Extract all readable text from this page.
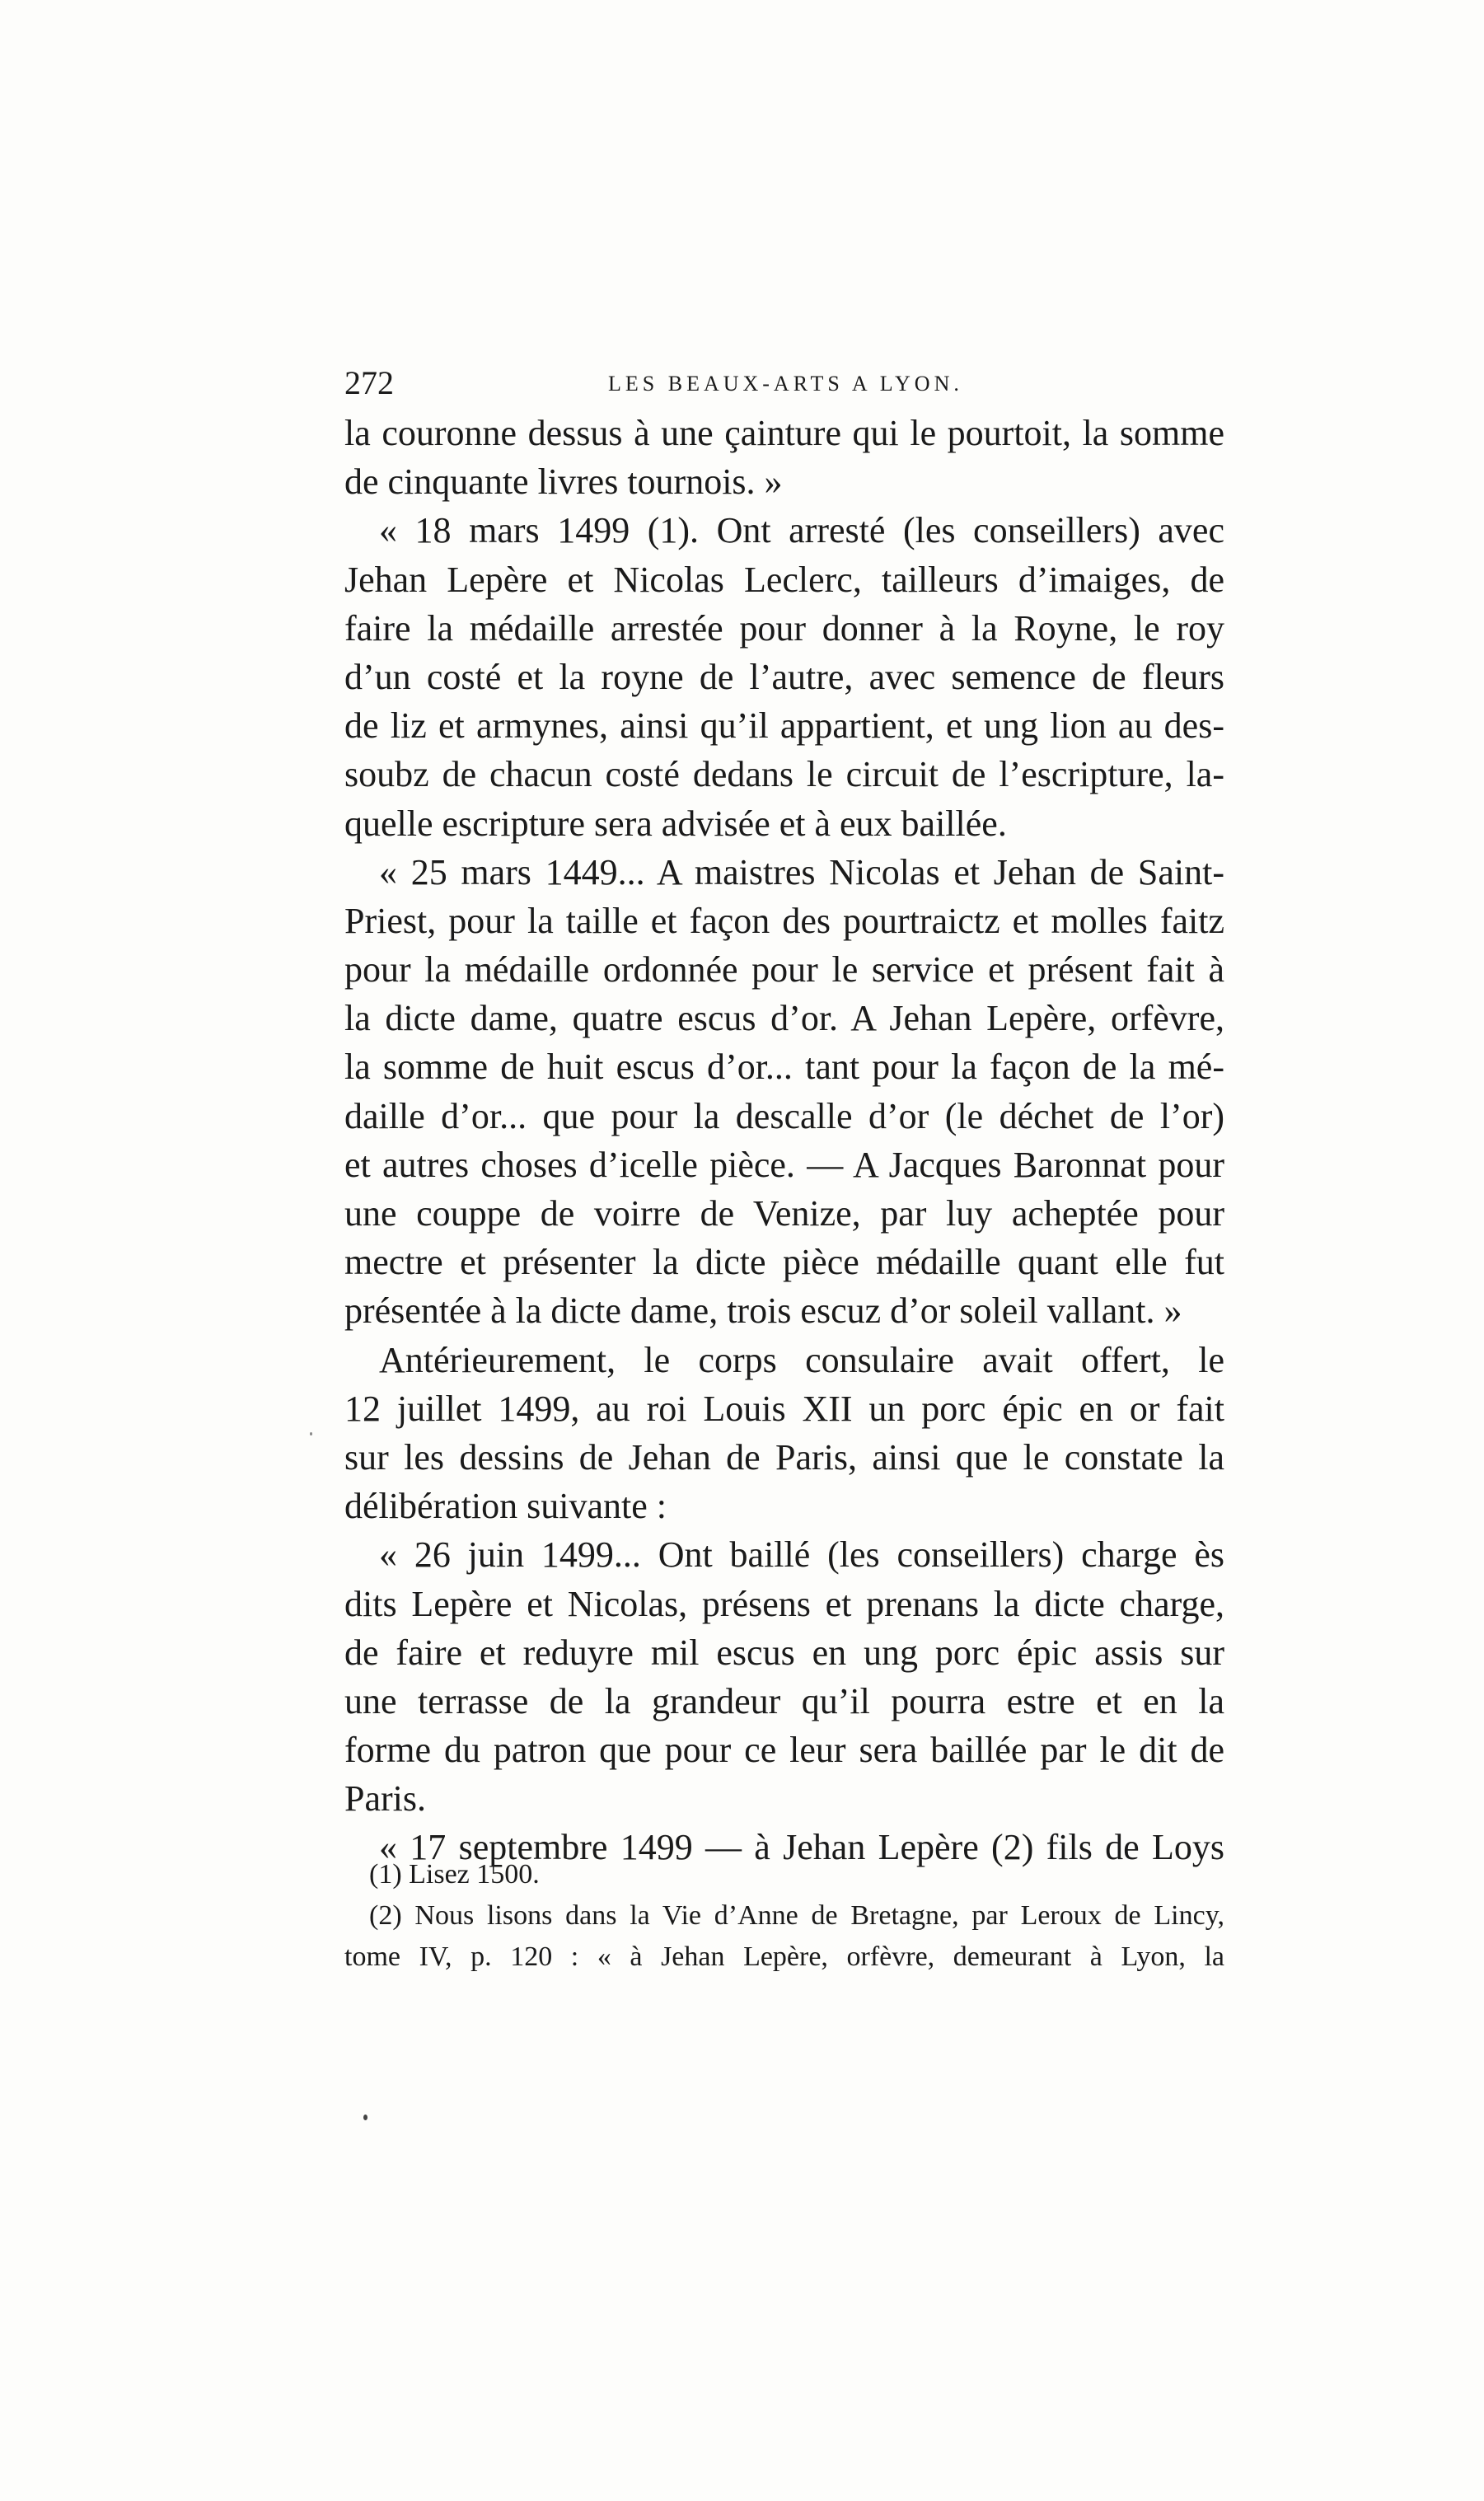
272	LES BEAUX-ARTS A LYON.
la couronne dessus à une çainture qui le pourtoit, la somme
de cinquante livres tournois. »
« 18 mars 1499 (1). Ont arresté (les conseillers) avec
Jehan Lepère et Nicolas Leclerc, tailleurs d’imaiges, de
faire la médaille arrestée pour donner à la Royne, le roy
d’un costé et la royne de l’autre, avec semence de fleurs
de liz et armynes, ainsi qu’il appartient, et ung lion au des-
soubz de chacun costé dedans le circuit de l’escripture, la-
quelle escripture sera advisée et à eux baillée.
« 25 mars 1449... A maistres Nicolas et Jehan de Saint-
Priest, pour la taille et façon des pourtraictz et molles faitz
pour la médaille ordonnée pour le service et présent fait à
la dicte dame, quatre escus d’or. A Jehan Lepère, orfèvre,
la somme de huit escus d’or... tant pour la façon de la mé-
daille d’or... que pour la descalle d’or (le déchet de l’or)
et autres choses d’icelle pièce. — A Jacques Baronnat pour
une couppe de voirre de Venize, par luy acheptée pour
mectre et présenter la dicte pièce médaille quant elle fut
présentée à la dicte dame, trois escuz d’or soleil vallant. »
Antérieurement, le corps consulaire avait offert, le
12 juillet 1499, au roi Louis XII un porc épic en or fait
sur les dessins de Jehan de Paris, ainsi que le constate la
délibération suivante :
« 26 juin 1499... Ont baillé (les conseillers) charge ès
dits Lepère et Nicolas, présens et prenans la dicte charge,
de faire et reduyre mil escus en ung porc épic assis sur
une terrasse de la grandeur qu’il pourra estre et en la
forme du patron que pour ce leur sera baillée par le dit de
Paris.
« 17 septembre 1499 — à Jehan Lepère (2) fils de Loys
(1) Lisez 1500.
(2) Nous lisons dans la Vie d’Anne de Bretagne, par Leroux de Lincy,
tome IV, p. 120 : « à Jehan Lepère, orfèvre, demeurant à Lyon, la
